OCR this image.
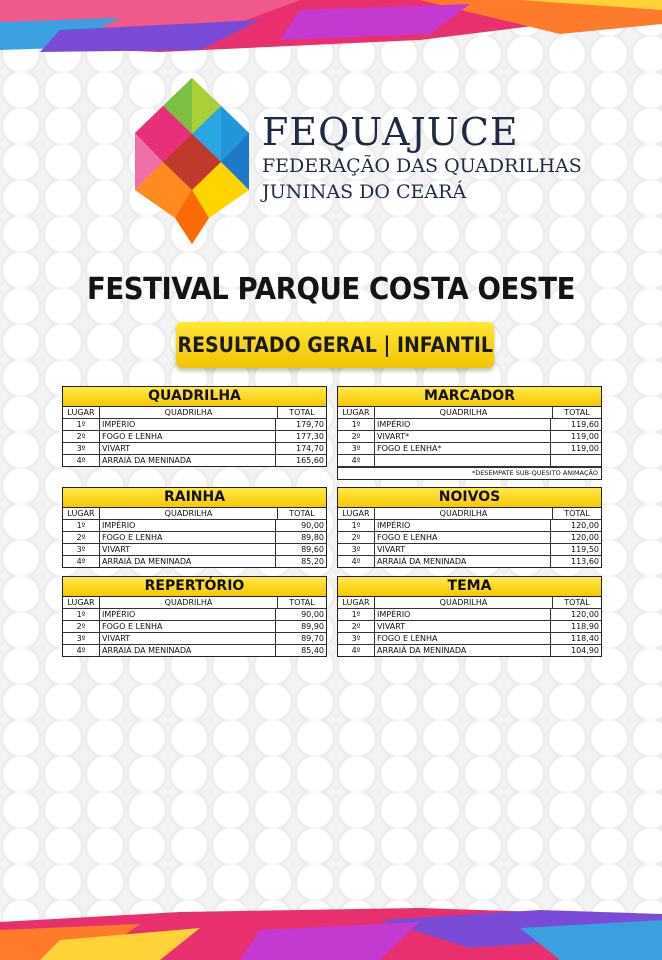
FEQUAJUCE
FEDERAÇÃO DAS QUADRILHAS
JUNINAS DO CEARÁ
FESTIVAL PARQUE COSTA OESTE
RESULTADO GERAL | INFANTIL
QUADRILHA
LUGAR	QUADRILHA	TOTAL
1º	IMPÉRIO	179,70
2º	FOGO E LENHA	177,30
3º	VIVART	174,70
4º	ARRAIÁ DA MENINADA	165,60
MARCADOR
LUGAR	QUADRILHA	TOTAL
1º	IMPÉRIO	119,60
2º	VIVART*	119,00
3º	FOGO E LENHA*	119,00
4º
*DESEMPATE SUB-QUESITO ANIMAÇÃO
RAINHA
LUGAR	QUADRILHA	TOTAL
1º	IMPÉRIO	90,00
2º	FOGO E LENHA	89,80
3º	VIVART	89,60
4º	ARRAIÁ DA MENINADA	85,20
NOIVOS
LUGAR	QUADRILHA	TOTAL
1º	IMPÉRIO	120,00
2º	FOGO E LENHA	120,00
3º	VIVART	119,50
4º	ARRAIÁ DA MENINADA	113,60
REPERTÓRIO
LUGAR	QUADRILHA	TOTAL
1º	IMPÉRIO	90,00
2º	FOGO E LENHA	89,90
3º	VIVART	89,70
4º	ARRAIÁ DA MENINADA	85,40
TEMA
LUGAR	QUADRILHA	TOTAL
1º	IMPÉRIO	120,00
2º	VIVART	118,90
3º	FOGO E LENHA	118,40
4º	ARRAIÁ DA MENINADA	104,90
